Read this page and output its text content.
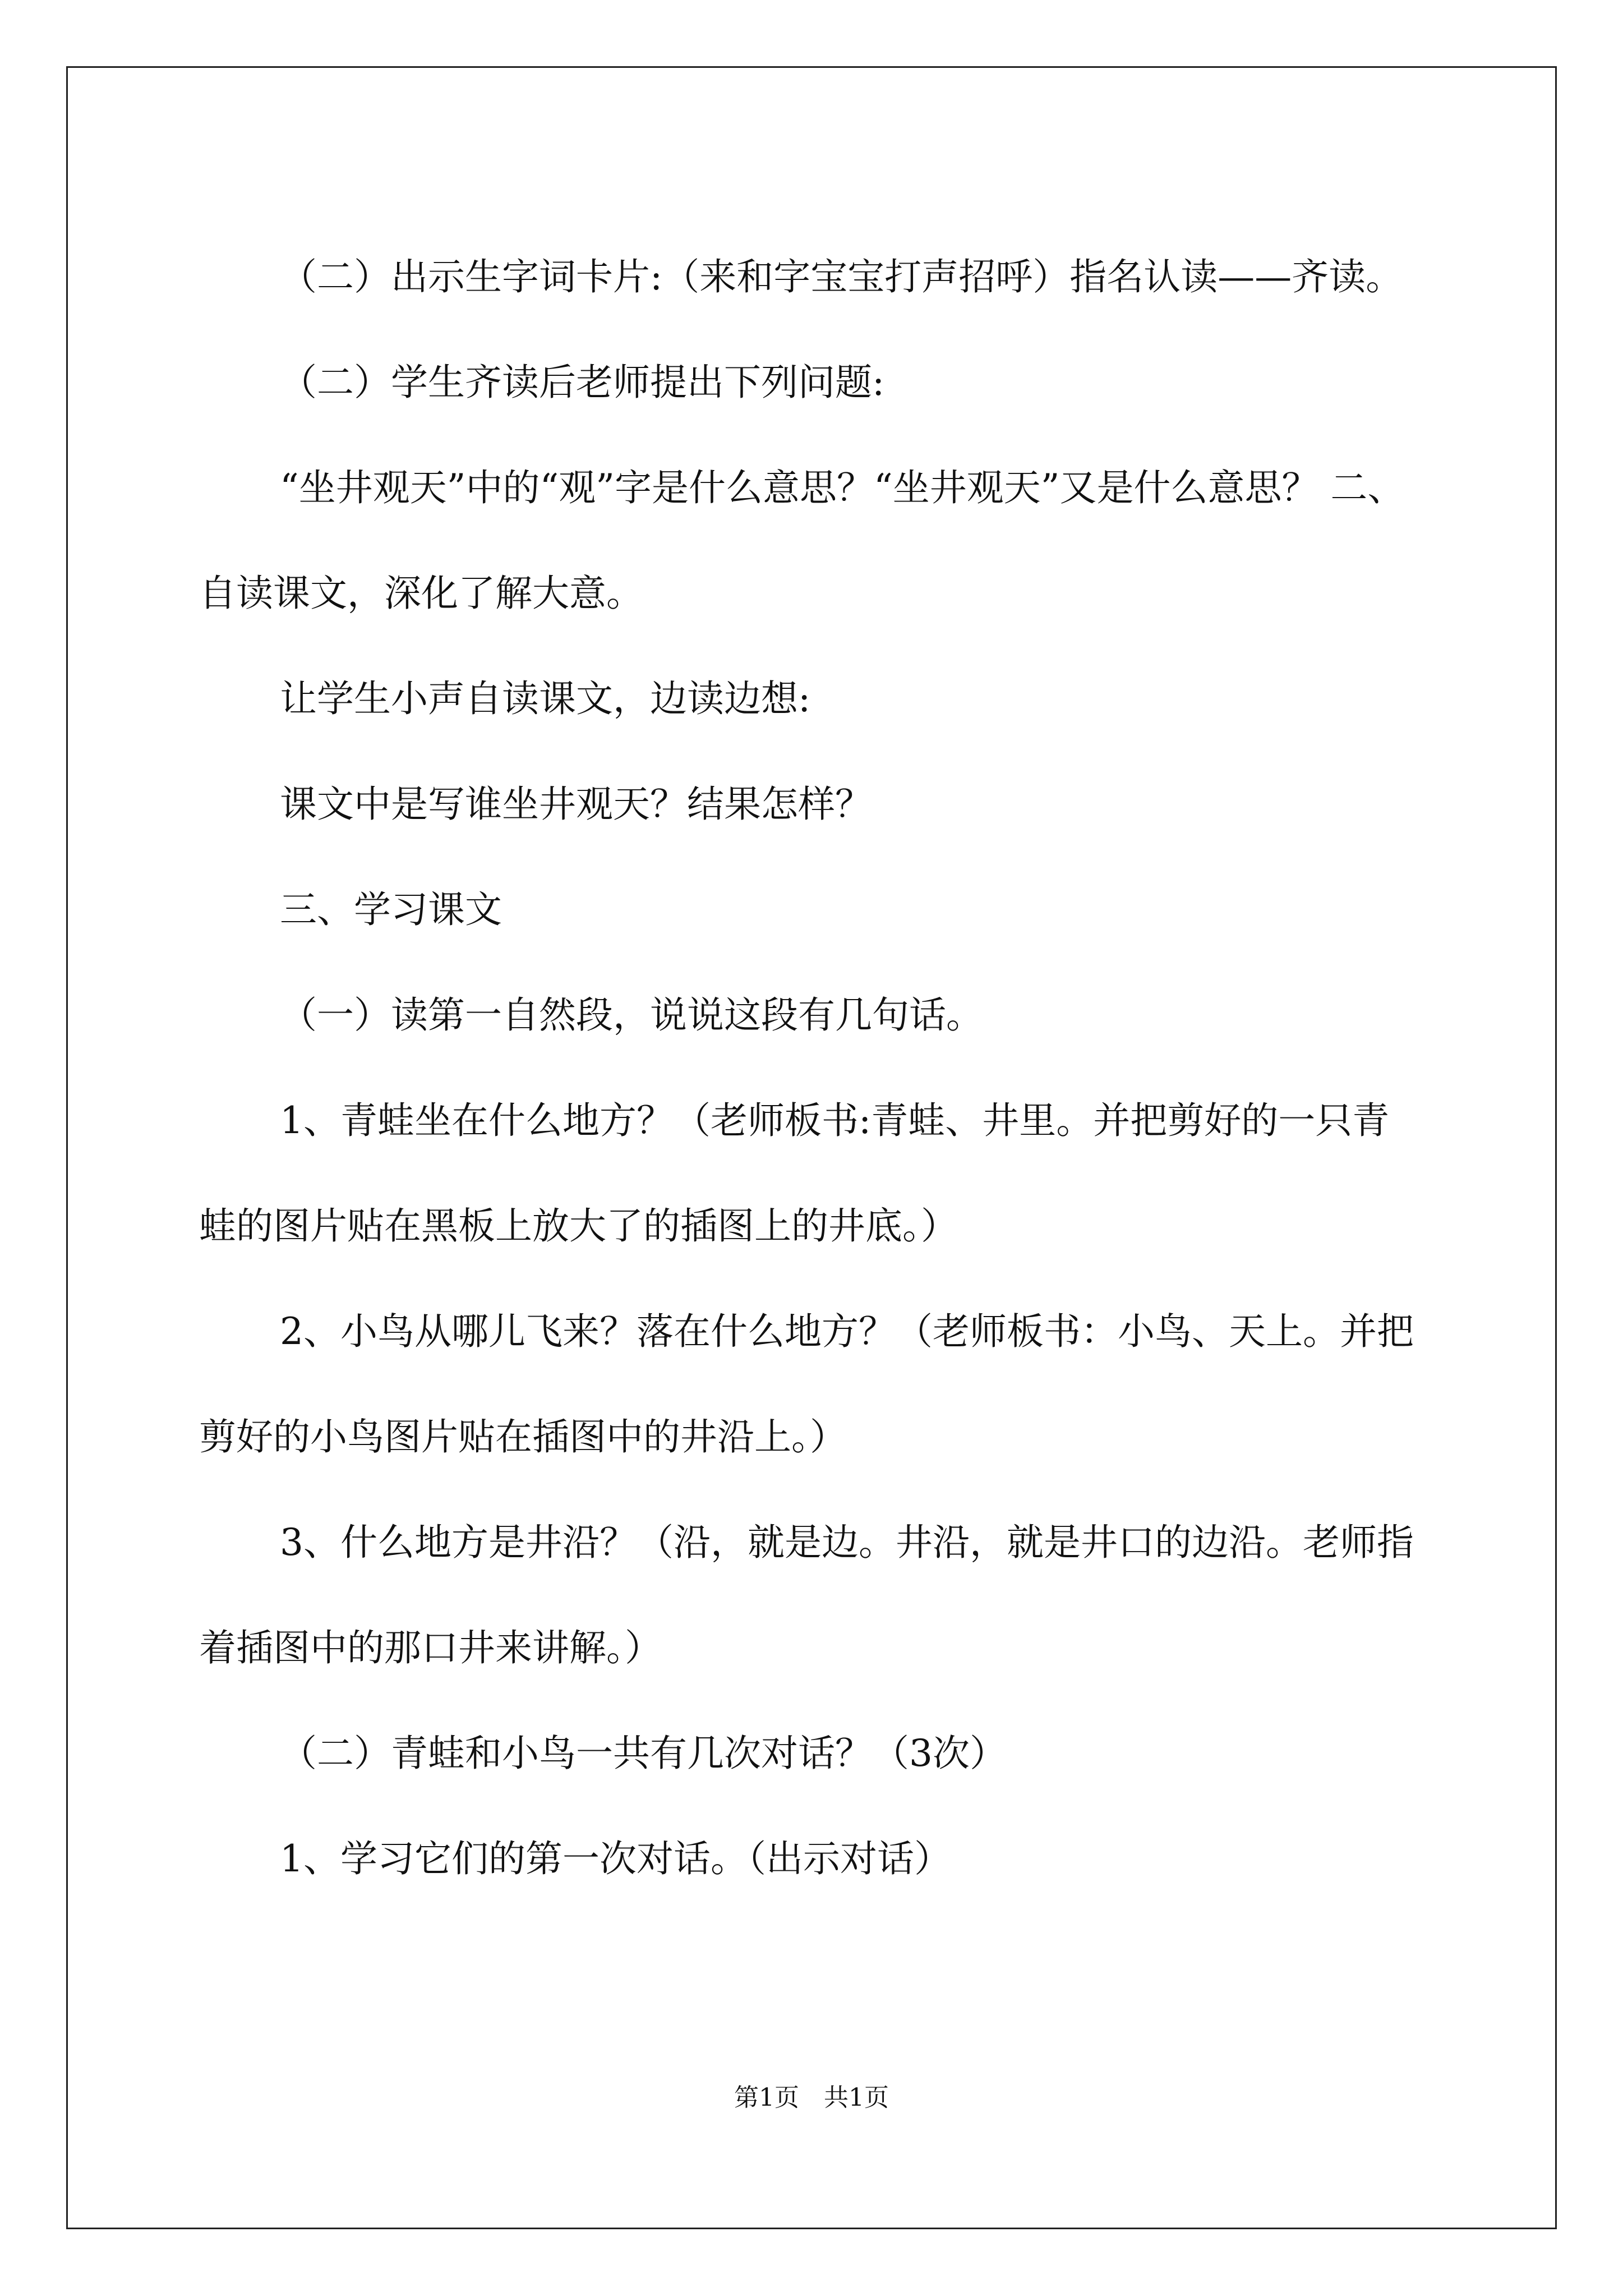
（二）出示生字词卡片:（来和字宝宝打声招呼）指名认读——齐读。

（二）学生齐读后老师提出下列问题:

“坐井观天”中的“观”字是什么意思？“坐井观天”又是什么意思？ 二、自读课文，深化了解大意。

让学生小声自读课文，边读边想:

课文中是写谁坐井观天？结果怎样？

三、学习课文

（一）读第一自然段，说说这段有几句话。

1、青蛙坐在什么地方？（老师板书:青蛙、井里。并把剪好的一只青蛙的图片贴在黑板上放大了的插图上的井底。）

2、小鸟从哪儿飞来？落在什么地方？（老师板书：小鸟、天上。并把剪好的小鸟图片贴在插图中的井沿上。）

3、什么地方是井沿？（沿，就是边。井沿，就是井口的边沿。老师指着插图中的那口井来讲解。）

（二）青蛙和小鸟一共有几次对话？（3次）

1、学习它们的第一次对话。（出示对话）

第1页　共1页
